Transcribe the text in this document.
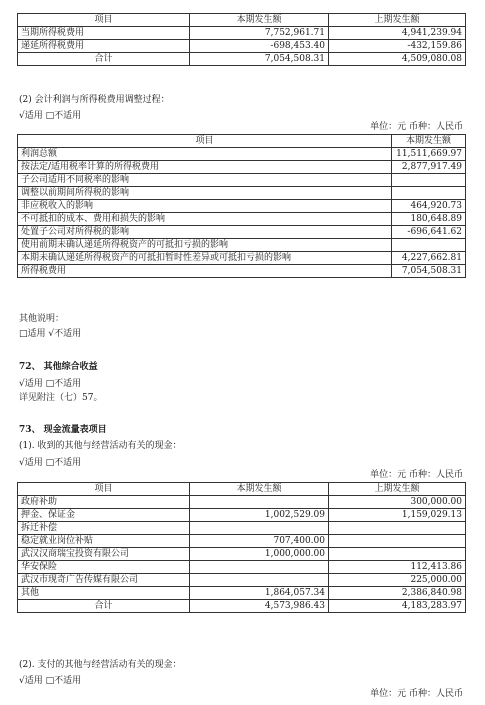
项目	本期发生额	上期发生额
当期所得税费用	7,752,961.71	4,941,239.94
递延所得税费用	-698,453.40	-432,159.86
合计	7,054,508.31	4,509,080.08
(2) 会计利润与所得税费用调整过程：
√适用 □不适用
单位：元 币种：人民币
项目	本期发生额
利润总额	11,511,669.97
按法定/适用税率计算的所得税费用	2,877,917.49
子公司适用不同税率的影响	
调整以前期间所得税的影响	
非应税收入的影响	464,920.73
不可抵扣的成本、费用和损失的影响	180,648.89
处置子公司对所得税的影响	-696,641.62
使用前期未确认递延所得税资产的可抵扣亏损的影响	
本期未确认递延所得税资产的可抵扣暂时性差异或可抵扣亏损的影响	4,227,662.81
所得税费用	7,054,508.31
其他说明：
□适用 √不适用
72、 其他综合收益
√适用 □不适用
详见附注（七）57。
73、 现金流量表项目
(1). 收到的其他与经营活动有关的现金：
√适用 □不适用
单位：元 币种：人民币
项目	本期发生额	上期发生额
政府补助		300,000.00
押金、保证金	1,002,529.09	1,159,029.13
拆迁补偿		
稳定就业岗位补贴	707,400.00	
武汉汉商瑞宝投资有限公司	1,000,000.00	
华安保险		112,413.86
武汉市现奇广告传媒有限公司		225,000.00
其他	1,864,057.34	2,386,840.98
合计	4,573,986.43	4,183,283.97
(2). 支付的其他与经营活动有关的现金：
√适用 □不适用
单位：元 币种：人民币
